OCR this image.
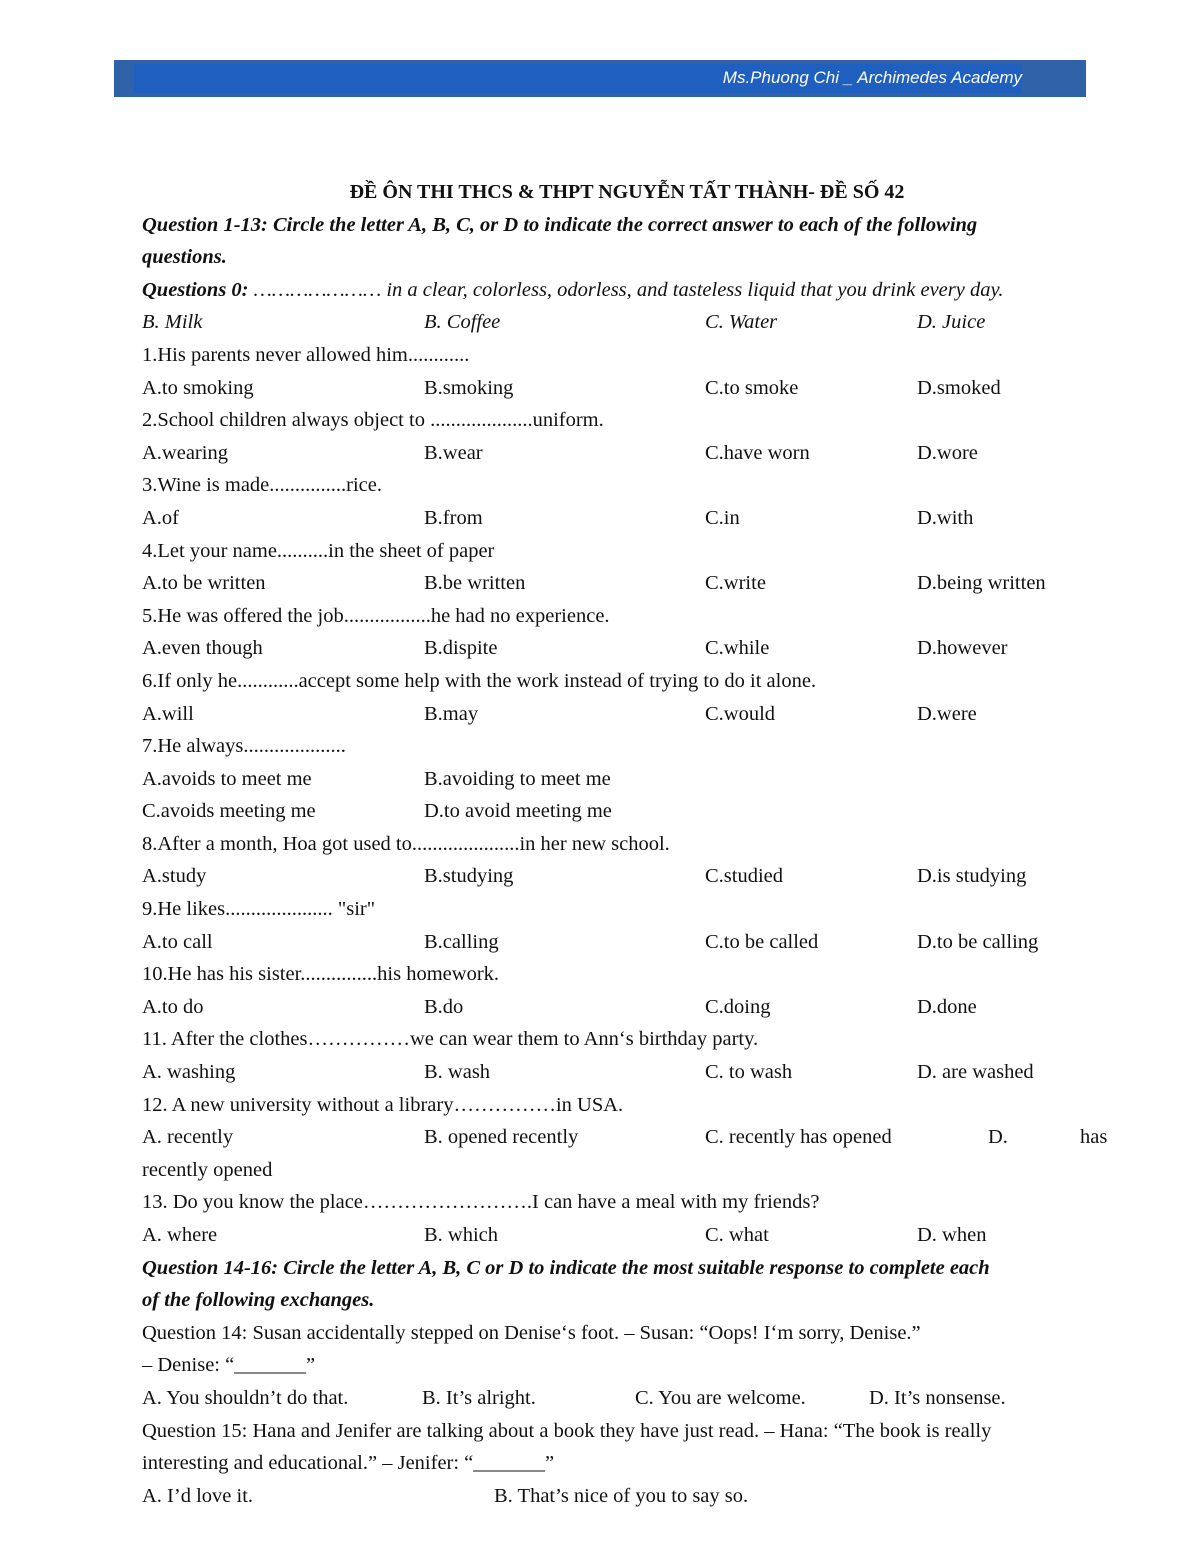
Ms.Phuong Chi _ Archimedes Academy
ĐỀ ÔN THI THCS & THPT NGUYỄN TẤT THÀNH- ĐỀ SỐ 42
Question 1-13: Circle the letter A, B, C, or D to indicate the correct answer to each of the following
questions.
Questions 0: ………………… in a clear, colorless, odorless, and tasteless liquid that you drink every day.
B. Milk	B. Coffee	C. Water	D. Juice
1.His parents never allowed him............
A.to smoking	B.smoking	C.to smoke	D.smoked
2.School children always object to ....................uniform.
A.wearing	B.wear	C.have worn	D.wore
3.Wine is made...............rice.
A.of	B.from	C.in	D.with
4.Let your name..........in the sheet of paper
A.to be written	B.be written	C.write	D.being written
5.He was offered the job.................he had no experience.
A.even though	B.dispite	C.while	D.however
6.If only he............accept some help with the work instead of trying to do it alone.
A.will	B.may	C.would	D.were
7.He always....................
A.avoids to meet me	B.avoiding to meet me
C.avoids meeting me	D.to avoid meeting me
8.After a month, Hoa got used to.....................in her new school.
A.study	B.studying	C.studied	D.is studying
9.He likes..................... "sir"
A.to call	B.calling	C.to be called	D.to be calling
10.He has his sister...............his homework.
A.to do	B.do	C.doing	D.done
11. After the clothes……………we can wear them to Ann‘s birthday party.
A. washing	B. wash	C. to wash	D. are washed
12. A new university without a library……………in USA.
A. recently	B. opened recently	C. recently has opened	D.	has
recently opened
13. Do you know the place…………………….I can have a meal with my friends?
A. where	B. which	C. what	D. when
Question 14-16: Circle the letter A, B, C or D to indicate the most suitable response to complete each
of the following exchanges.
Question 14: Susan accidentally stepped on Denise‘s foot. – Susan: “Oops! I‘m sorry, Denise.”
– Denise: “_______”
A. You shouldn’t do that.	B. It’s alright.	C. You are welcome.	D. It’s nonsense.
Question 15: Hana and Jenifer are talking about a book they have just read. – Hana: “The book is really
interesting and educational.” – Jenifer: “_______”
A. I’d love it.	B. That’s nice of you to say so.
